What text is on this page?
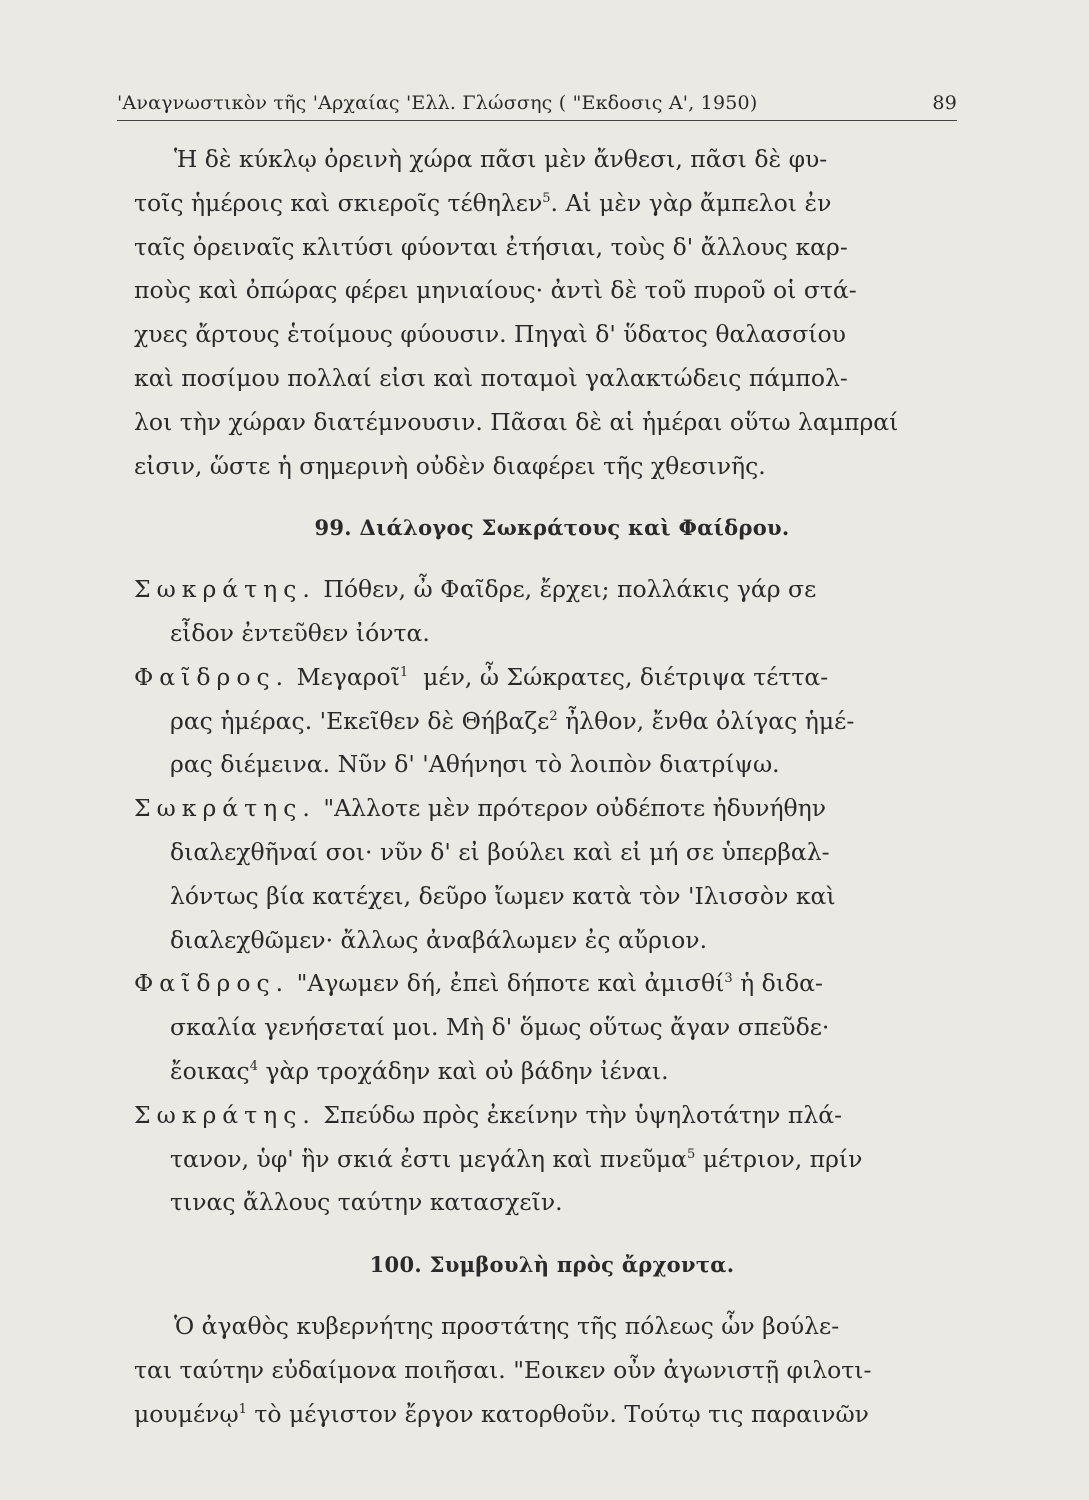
'Αναγνωστικὸν τῆς 'Αρχαίας 'Ελλ. Γλώσσης ( "Εκδοσις Α', 1950)	89
Ἡ δὲ κύκλῳ ὀρεινὴ χώρα πᾶσι μὲν ἄνθεσι, πᾶσι δὲ φυ-
τοῖς ἡμέροις καὶ σκιεροῖς τέθηλεν$^5$. Αἱ μὲν γὰρ ἄμπελοι ἐν
ταῖς ὀρειναῖς κλιτύσι φύονται ἐτήσιαι, τοὺς δ' ἄλλους καρ-
ποὺς καὶ ὀπώρας φέρει μηνιαίους· ἀντὶ δὲ τοῦ πυροῦ οἱ στά-
χυες ἄρτους ἑτοίμους φύουσιν. Πηγαὶ δ' ὕδατος θαλασσίου
καὶ ποσίμου πολλαί εἰσι καὶ ποταμοὶ γαλακτώδεις πάμπολ-
λοι τὴν χώραν διατέμνουσιν. Πᾶσαι δὲ αἱ ἡμέραι οὕτω λαμπραί
εἰσιν, ὥστε ἡ σημερινὴ οὐδὲν διαφέρει τῆς χθεσινῆς.
99. Διάλογος Σωκράτους καὶ Φαίδρου.
Σωκράτης. Πόθεν, ὦ Φαῖδρε, ἔρχει; πολλάκις γάρ σε
εἶδον ἐντεῦθεν ἰόντα.
Φαῖδρος. Μεγαροῖ$^1$ μέν, ὦ Σώκρατες, διέτριψα τέττα-
ρας ἡμέρας. 'Εκεῖθεν δὲ Θήβαζε$^2$ ἦλθον, ἔνθα ὀλίγας ἡμέ-
ρας διέμεινα. Νῦν δ' 'Αθήνησι τὸ λοιπὸν διατρίψω.
Σωκράτης. "Αλλοτε μὲν πρότερον οὐδέποτε ἠδυνήθην
διαλεχθῆναί σοι· νῦν δ' εἰ βούλει καὶ εἰ μή σε ὑπερβαλ-
λόντως βία κατέχει, δεῦρο ἴωμεν κατὰ τὸν 'Ιλισσὸν καὶ
διαλεχθῶμεν· ἄλλως ἀναβάλωμεν ἐς αὔριον.
Φαῖδρος. "Αγωμεν δή, ἐπεὶ δήποτε καὶ ἀμισθί$^3$ ἡ διδα-
σκαλία γενήσεταί μοι. Μὴ δ' ὅμως οὕτως ἄγαν σπεῦδε·
ἔοικας$^4$ γὰρ τροχάδην καὶ οὐ βάδην ἰέναι.
Σωκράτης. Σπεύδω πρὸς ἐκείνην τὴν ὑψηλοτάτην πλά-
τανον, ὑφ' ἣν σκιά ἐστι μεγάλη καὶ πνεῦμα$^5$ μέτριον, πρίν
τινας ἄλλους ταύτην κατασχεῖν.
100. Συμβουλὴ πρὸς ἄρχοντα.
Ὁ ἀγαθὸς κυβερνήτης προστάτης τῆς πόλεως ὧν βούλε-
ται ταύτην εὐδαίμονα ποιῆσαι. "Εοικεν οὖν ἀγωνιστῇ φιλοτι-
μουμένῳ$^1$ τὸ μέγιστον ἔργον κατορθοῦν. Τούτῳ τις παραινῶν
